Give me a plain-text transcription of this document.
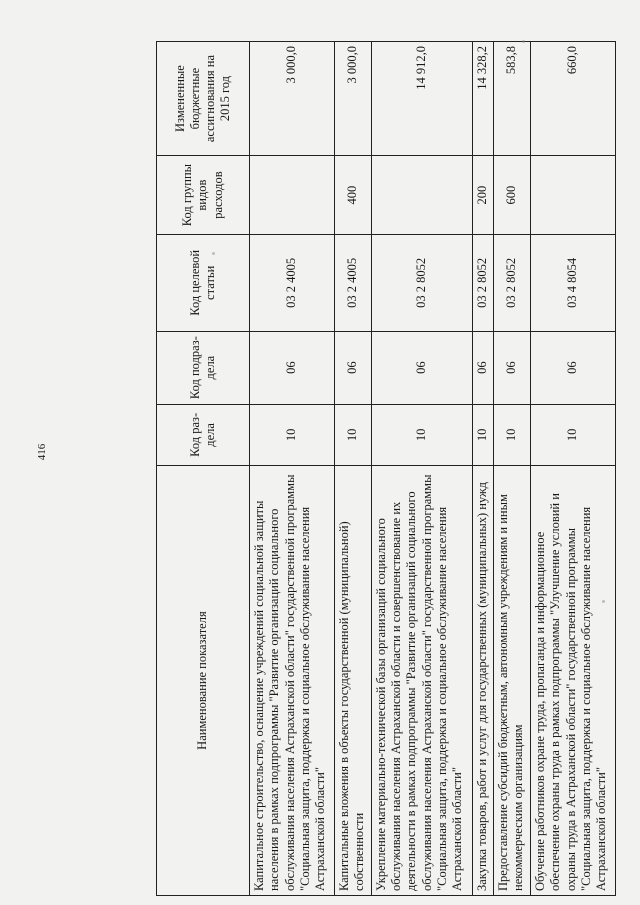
416
Наименование показателя	Код раз-дела	Код подраз-дела	Код целевой статьи	Код группы видов расходов	Измененные бюджетные ассигнования на 2015 год
Капитальное строительство, оснащение учреждений социальной защиты населения в рамках подпрограммы "Развитие организаций социального обслуживания населения Астраханской области" государственной программы "Социальная защита, поддержка и социальное обслуживание населения Астраханской области"	10	06	03 2 4005		3 000,0
Капитальные вложения в объекты государственной (муниципальной) собственности	10	06	03 2 4005	400	3 000,0
Укрепление материально-технической базы организаций социального обслуживания населения Астраханской области и совершенствование их деятельности в рамках подпрограммы "Развитие организаций социального обслуживания населения Астраханской области" государственной программы "Социальная защита, поддержка и социальное обслуживание населения Астраханской области"	10	06	03 2 8052		14 912,0
Закупка товаров, работ и услуг для государственных (муниципальных) нужд	10	06	03 2 8052	200	14 328,2
Предоставление субсидий бюджетным, автономным учреждениям и иным некоммерческим организациям	10	06	03 2 8052	600	583,8
Обучение работников охране труда, пропаганда и информационное обеспечение охраны труда в рамках подпрограммы "Улучшение условий и охраны труда в Астраханской области" государственной программы "Социальная защита, поддержка и социальное обслуживание населения Астраханской области"	10	06	03 4 8054		660,0
